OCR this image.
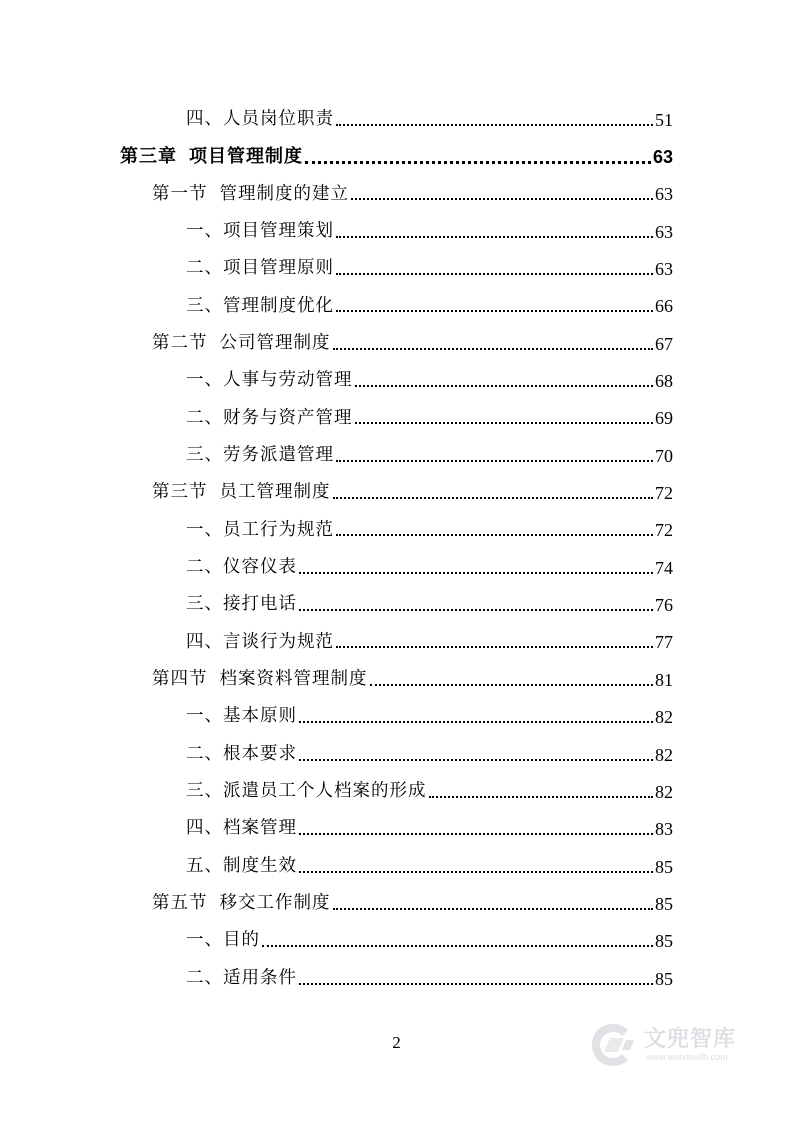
四、人员岗位职责	51
第三章 项目管理制度	63
第一节 管理制度的建立	63
一、项目管理策划	63
二、项目管理原则	63
三、管理制度优化	66
第二节 公司管理制度	67
一、人事与劳动管理	68
二、财务与资产管理	69
三、劳务派遣管理	70
第三节 员工管理制度	72
一、员工行为规范	72
二、仪容仪表	74
三、接打电话	76
四、言谈行为规范	77
第四节 档案资料管理制度	81
一、基本原则	82
二、根本要求	82
三、派遣员工个人档案的形成	82
四、档案管理	83
五、制度生效	85
第五节 移交工作制度	85
一、目的	85
二、适用条件	85
2	文兜智库
www.wendoulib.com
